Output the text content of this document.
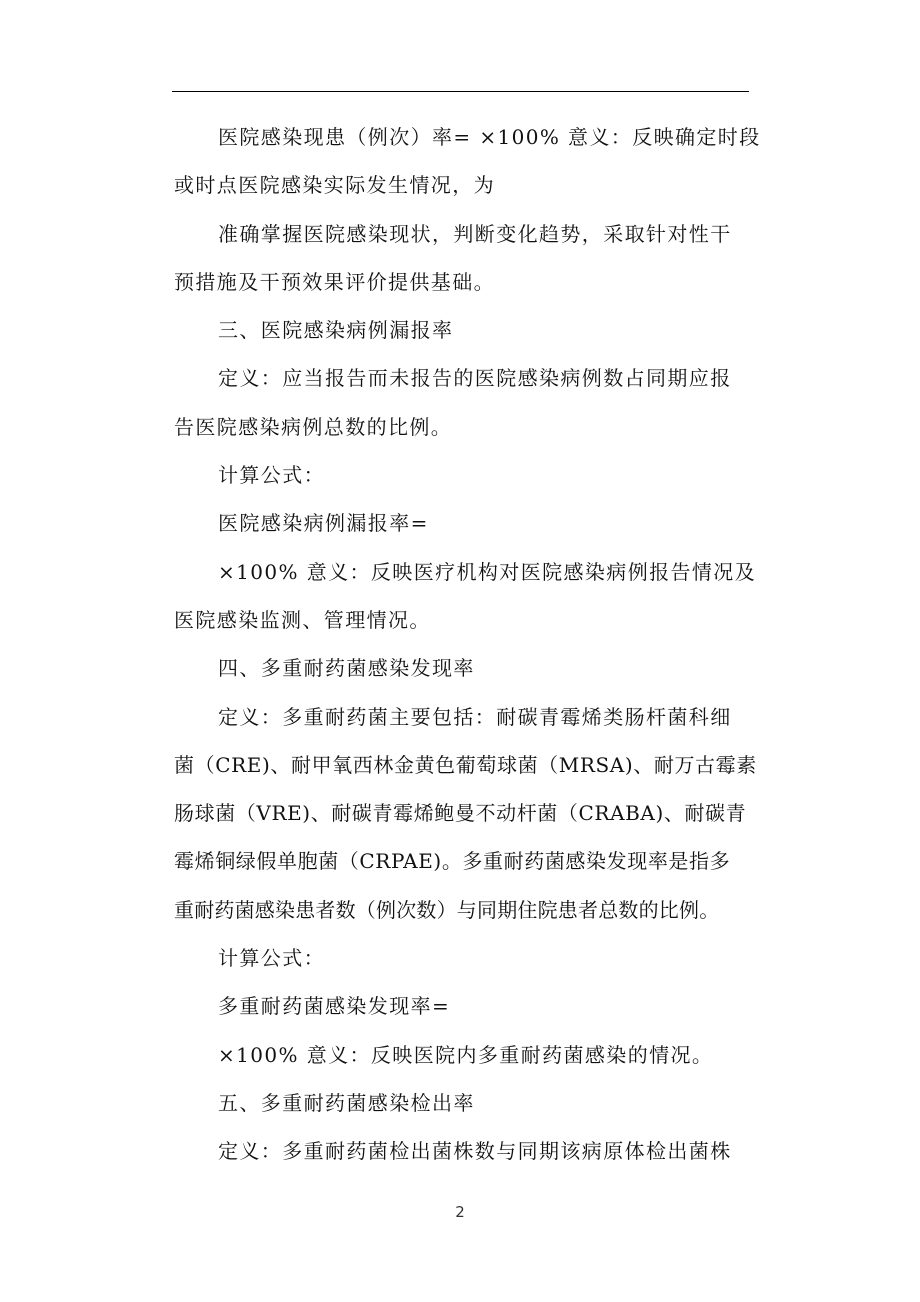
医院感染现患（例次）率= ×100% 意义：反映确定时段
或时点医院感染实际发生情况，为
准确掌握医院感染现状，判断变化趋势，采取针对性干
预措施及干预效果评价提供基础。
三、医院感染病例漏报率
定义：应当报告而未报告的医院感染病例数占同期应报
告医院感染病例总数的比例。
计算公式：
医院感染病例漏报率=
×100% 意义：反映医疗机构对医院感染病例报告情况及
医院感染监测、管理情况。
四、多重耐药菌感染发现率
定义：多重耐药菌主要包括：耐碳青霉烯类肠杆菌科细
菌（CRE)、耐甲氧西林金黄色葡萄球菌（MRSA)、耐万古霉素
肠球菌（VRE)、耐碳青霉烯鲍曼不动杆菌（CRABA)、耐碳青
霉烯铜绿假单胞菌（CRPAE)。多重耐药菌感染发现率是指多
重耐药菌感染患者数（例次数）与同期住院患者总数的比例。
计算公式：
多重耐药菌感染发现率=
×100% 意义：反映医院内多重耐药菌感染的情况。
五、多重耐药菌感染检出率
定义：多重耐药菌检出菌株数与同期该病原体检出菌株
2
